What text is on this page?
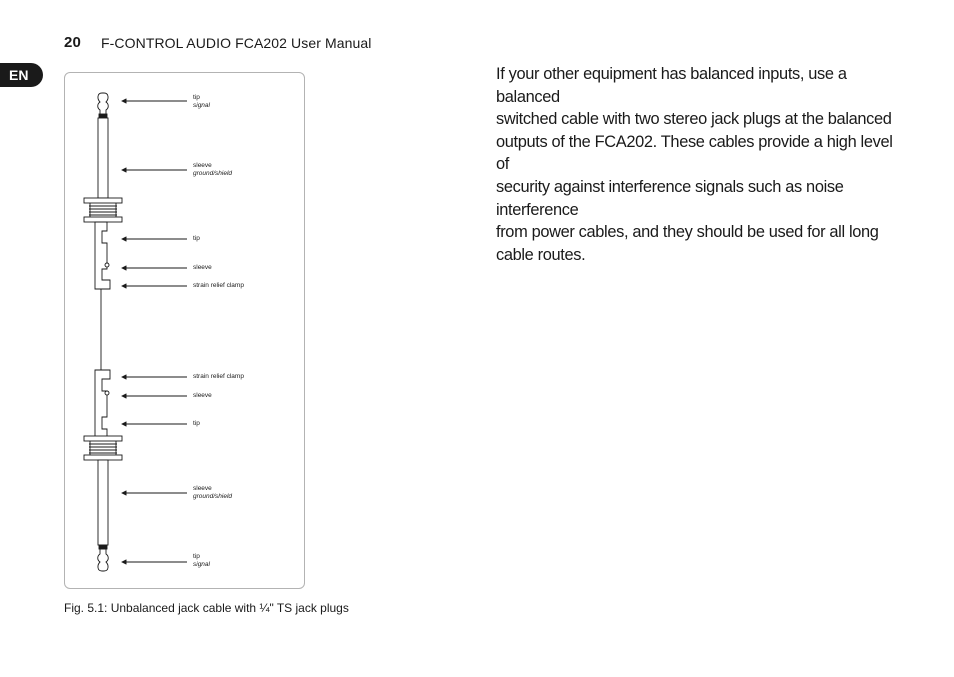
20 F-CONTROL AUDIO FCA202 User Manual
EN
tip
signal
sleeve
ground/shield
tip
sleeve
strain relief clamp
strain relief clamp
sleeve
tip
sleeve
ground/shield
tip
signal
Fig. 5.1: Unbalanced jack cable with ¼" TS jack plugs
If your other equipment has balanced inputs, use a balanced
switched cable with two stereo jack plugs at the balanced
outputs of the FCA202. These cables provide a high level of
security against interference signals such as noise interference
from power cables, and they should be used for all long
cable routes.
